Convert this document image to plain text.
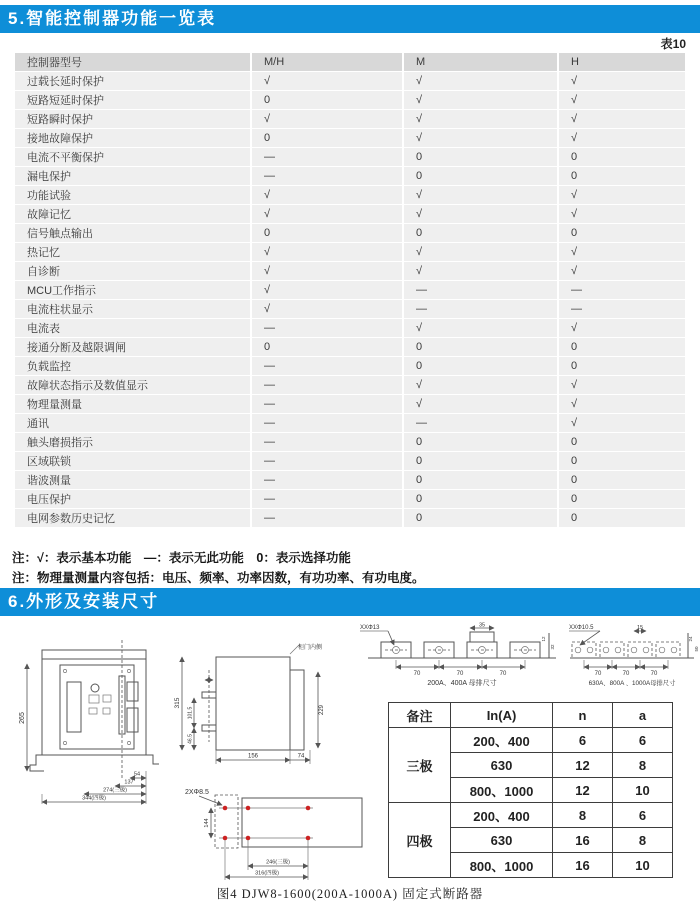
5.智能控制器功能一览表
表10
控制器型号	M/H	M	H
过载长延时保护	√	√	√
短路短延时保护	0	√	√
短路瞬时保护	√	√	√
接地故障保护	0	√	√
电流不平衡保护	—	0	0
漏电保护	—	0	0
功能试验	√	√	√
故障记忆	√	√	√
信号触点输出	0	0	0
热记忆	√	√	√
自诊断	√	√	√
MCU工作指示	√	—	—
电流柱状显示	√	—	—
电流表	—	√	√
接通分断及越限调闸	0	0	0
负载监控	—	0	0
故障状态指示及数值显示	—	√	√
物理量测量	—	√	√
通讯	—	—	√
触头磨损指示	—	0	0
区域联锁	—	0	0
谐波测量	—	0	0
电压保护	—	0	0
电网参数历史记忆	—	0	0
注：√：表示基本功能　—：表示无此功能　0：表示选择功能
注：物理量测量内容包括：电压、频率、功率因数，有功功率、有功电度。
6.外形及安装尺寸
265
54
137
274(三极)
344(四极)
柜门内侧
315
101.5
46.5
156	74
229
2XΦ8.5
144
246(三极)
316(四极)
XXΦ13	35
12
32
70	70	70
200A、400A 母排尺寸
XXΦ10.5	15
24
50
70	70	70
630A、800A 、1000A母排尺寸
备注	In(A)	n	a
三极	200、400	6	6
	630	12	8
	800、1000	12	10
四极	200、400	8	6
	630	16	8
	800、1000	16	10
图4 DJW8-1600(200A-1000A) 固定式断路器
